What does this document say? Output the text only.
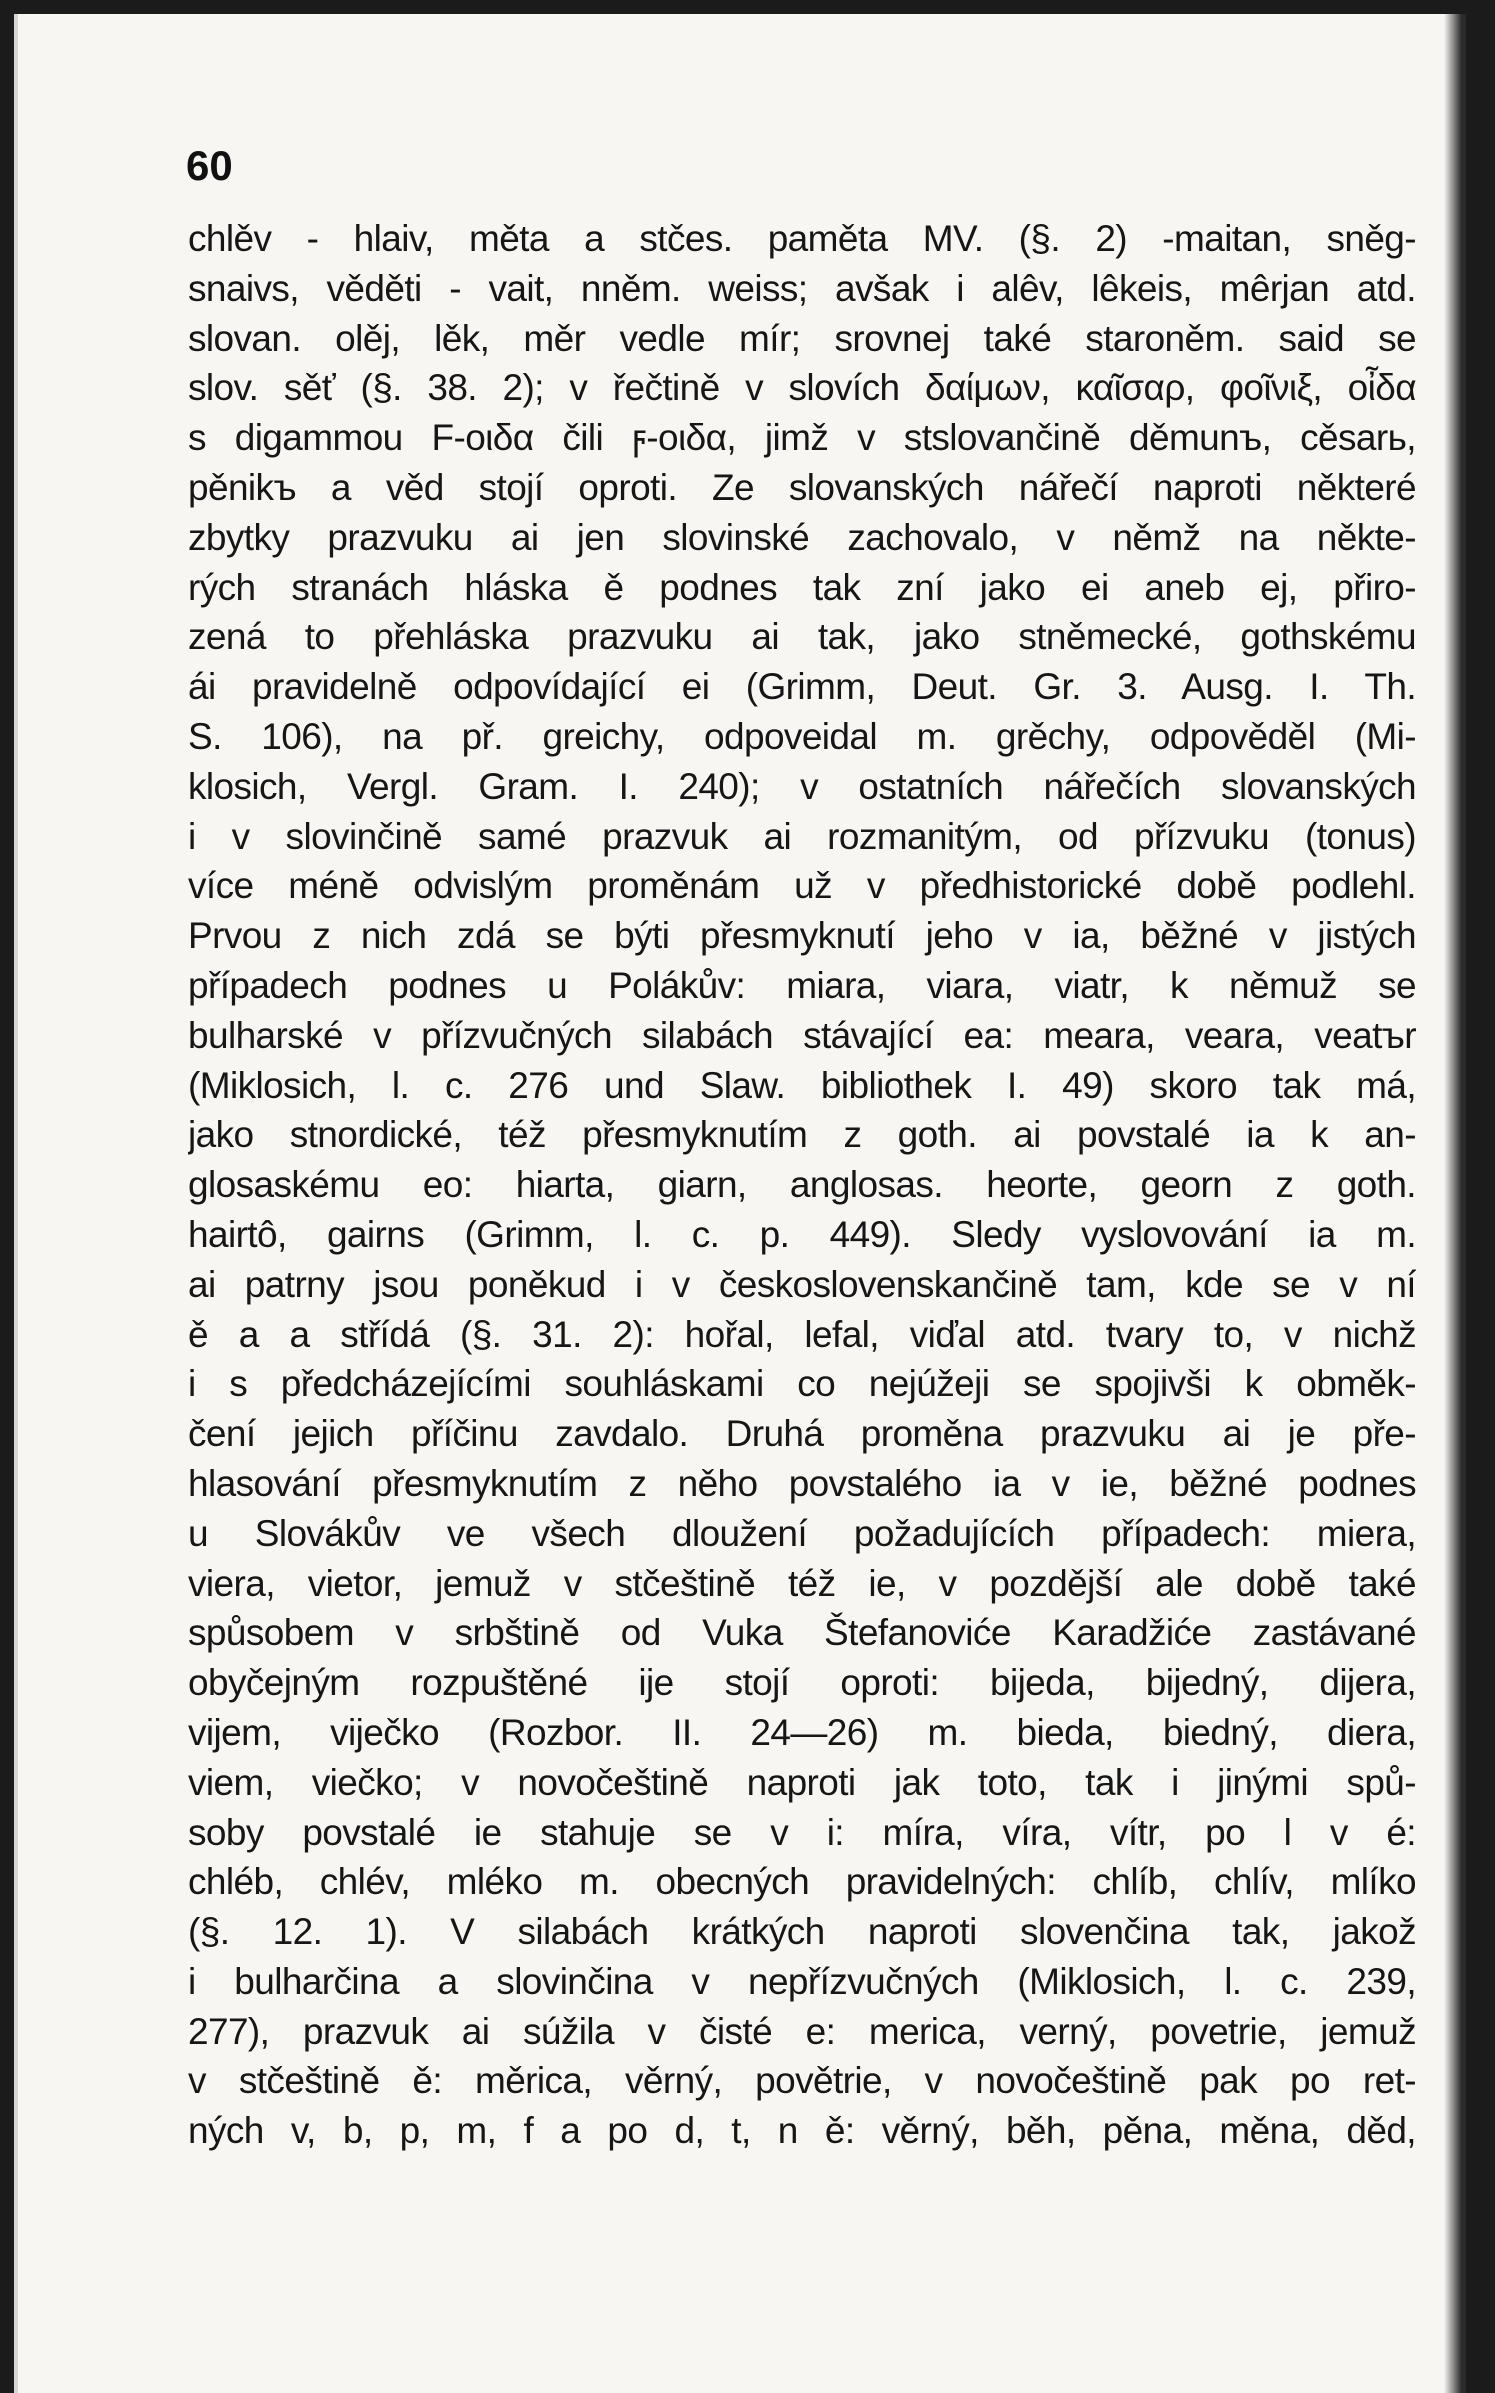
60
chlěv - hlaiv, měta a stčes. paměta MV. (§. 2) -maitan, sněg-
snaivs, věděti - vait, nněm. weiss; avšak i alêv, lêkeis, mêrjan atd.
slovan. olěj, lěk, měr vedle mír; srovnej také staroněm. said se
slov. sěť (§. 38. 2); v řečtině v slovích δαίμων, καῖσαρ, φοῖνιξ, οἶδα
s digammou F-οιδα čili ϝ-οιδα, jimž v stslovančině děmunъ, cěsarь,
pěnikъ a věd stojí oproti. Ze slovanských nářečí naproti některé
zbytky prazvuku ai jen slovinské zachovalo, v němž na někte-
rých stranách hláska ě podnes tak zní jako ei aneb ej, přiro-
zená to přehláska prazvuku ai tak, jako stněmecké, gothskému
ái pravidelně odpovídající ei (Grimm, Deut. Gr. 3. Ausg. I. Th.
S. 106), na př. greichy, odpoveidal m. grěchy, odpověděl (Mi-
klosich, Vergl. Gram. I. 240); v ostatních nářečích slovanských
i v slovinčině samé prazvuk ai rozmanitým, od přízvuku (tonus)
více méně odvislým proměnám už v předhistorické době podlehl.
Prvou z nich zdá se býti přesmyknutí jeho v ia, běžné v jistých
případech podnes u Polákův: miara, viara, viatr, k němuž se
bulharské v přízvučných silabách stávající ea: meara, veara, veatъr
(Miklosich, l. c. 276 und Slaw. bibliothek I. 49) skoro tak má,
jako stnordické, též přesmyknutím z goth. ai povstalé ia k an-
glosaskému eo: hiarta, giarn, anglosas. heorte, georn z goth.
hairtô, gairns (Grimm, l. c. p. 449). Sledy vyslovování ia m.
ai patrny jsou poněkud i v československančině tam, kde se v ní
ě a a střídá (§. 31. 2): hořal, lefal, viďal atd. tvary to, v nichž
i s předcházejícími souhláskami co nejúžeji se spojivši k obměk-
čení jejich příčinu zavdalo. Druhá proměna prazvuku ai je pře-
hlasování přesmyknutím z něho povstalého ia v ie, běžné podnes
u Slovákův ve všech dloužení požadujících případech: miera,
viera, vietor, jemuž v stčeštině též ie, v pozdější ale době také
spůsobem v srbštině od Vuka Štefanoviće Karadžiće zastávané
obyčejným rozpuštěné ije stojí oproti: bijeda, bijedný, dijera,
vijem, viječko (Rozbor. II. 24—26) m. bieda, biedný, diera,
viem, viečko; v novočeštině naproti jak toto, tak i jinými spů-
soby povstalé ie stahuje se v i: míra, víra, vítr, po l v é:
chléb, chlév, mléko m. obecných pravidelných: chlíb, chlív, mlíko
(§. 12. 1). V silabách krátkých naproti slovenčina tak, jakož
i bulharčina a slovinčina v nepřízvučných (Miklosich, l. c. 239,
277), prazvuk ai súžila v čisté e: merica, verný, povetrie, jemuž
v stčeštině ě: měrica, věrný, povětrie, v novočeštině pak po ret-
ných v, b, p, m, f a po d, t, n ě: věrný, běh, pěna, měna, děd,
